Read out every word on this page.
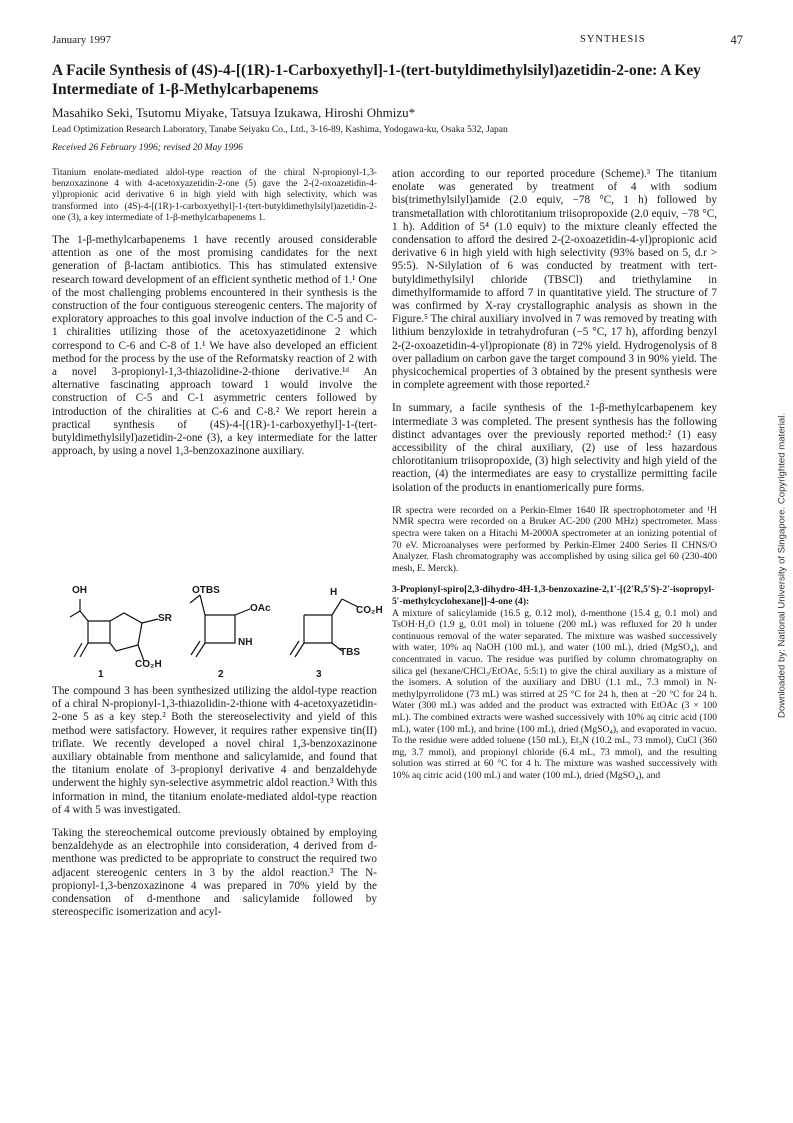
January 1997	SYNTHESIS	47
A Facile Synthesis of (4S)-4-[(1R)-1-Carboxyethyl]-1-(tert-butyldimethylsilyl)azetidin-2-one: A Key Intermediate of 1-β-Methylcarbapenems
Masahiko Seki, Tsutomu Miyake, Tatsuya Izukawa, Hiroshi Ohmizu*
Lead Optimization Research Laboratory, Tanabe Seiyaku Co., Ltd., 3-16-89, Kashima, Yodogawa-ku, Osaka 532, Japan
Received 26 February 1996; revised 20 May 1996

Titanium enolate-mediated aldol-type reaction of the chiral N-propionyl-1,3-benzoxazinone 4 with 4-acetoxyazetidin-2-one (5) gave the 2-(2-oxoazetidin-4-yl)propionic acid derivative 6 in high yield with high selectivity, which was transformed into (4S)-4-[(1R)-1-carboxyethyl]-1-(tert-butyldimethylsilyl)azetidin-2-one (3), a key intermediate of 1-β-methylcarbapenems 1.

The 1-β-methylcarbapenems 1 have recently aroused considerable attention as one of the most promising candidates for the next generation of β-lactam antibiotics. This has stimulated extensive research toward development of an efficient synthetic method of 1.¹ One of the most challenging problems encountered in their synthesis is the construction of the four contiguous stereogenic centers. The majority of exploratory approaches to this goal involve induction of the C-5 and C-1 chiralities utilizing those of the acetoxyazetidinone 2 which correspond to C-6 and C-8 of 1.¹ We have also developed an efficient method for the process by the use of the Reformatsky reaction of 2 with a novel 3-propionyl-1,3-thiazolidine-2-thione derivative.¹ᵈ An alternative fascinating approach toward 1 would involve the construction of C-5 and C-1 asymmetric centers followed by introduction of the chiralities at C-6 and C-8.² We report herein a practical synthesis of (4S)-4-[(1R)-1-carboxyethyl]-1-(tert-butyldimethylsilyl)azetidin-2-one (3), a key intermediate for the latter approach, by using a novel 1,3-benzoxazinone auxiliary.

OH
SR
CO₂H
1
OTBS
OAc
NH
2
H
CO₂H
TBS
3

The compound 3 has been synthesized utilizing the aldol-type reaction of a chiral N-propionyl-1,3-thiazolidin-2-thione with 4-acetoxyazetidin-2-one 5 as a key step.² Both the stereoselectivity and yield of this method were satisfactory. However, it requires rather expensive tin(II) triflate. We recently developed a novel chiral 1,3-benzoxazinone auxiliary obtainable from menthone and salicylamide, and found that the titanium enolate of 3-propionyl derivative 4 and benzaldehyde underwent the highly syn-selective asymmetric aldol reaction.³ With this information in mind, the titanium enolate-mediated aldol-type reaction of 4 with 5 was investigated.

Taking the stereochemical outcome previously obtained by employing benzaldehyde as an electrophile into consideration, 4 derived from d-menthone was predicted to be appropriate to construct the required two adjacent stereogenic centers in 3 by the aldol reaction.³ The N-propionyl-1,3-benzoxazinone 4 was prepared in 70% yield by the condensation of d-menthone and salicylamide followed by stereospecific isomerization and acyl-

ation according to our reported procedure (Scheme).³ The titanium enolate was generated by treatment of 4 with sodium bis(trimethylsilyl)amide (2.0 equiv, −78 °C, 1 h) followed by transmetallation with chlorotitanium triisopropoxide (2.0 equiv, −78 °C, 1 h). Addition of 5⁴ (1.0 equiv) to the mixture cleanly effected the condensation to afford the desired 2-(2-oxoazetidin-4-yl)propionic acid derivative 6 in high yield with high selectivity (93% based on 5, d.r > 95:5). N-Silylation of 6 was conducted by treatment with tert-butyldimethylsilyl chloride (TBSCl) and triethylamine in dimethylformamide to afford 7 in quantitative yield. The structure of 7 was confirmed by X-ray crystallographic analysis as shown in the Figure.⁵ The chiral auxiliary involved in 7 was removed by treating with lithium benzyloxide in tetrahydrofuran (−5 °C, 17 h), affording benzyl 2-(2-oxoazetidin-4-yl)propionate (8) in 72% yield. Hydrogenolysis of 8 over palladium on carbon gave the target compound 3 in 90% yield. The physicochemical properties of 3 obtained by the present synthesis were in complete agreement with those reported.²

In summary, a facile synthesis of the 1-β-methylcarbapenem key intermediate 3 was completed. The present synthesis has the following distinct advantages over the previously reported method:² (1) easy accessibility of the chiral auxiliary, (2) use of less hazardous chlorotitanium triisopropoxide, (3) high selectivity and high yield of the reaction, (4) the intermediates are easy to crystallize permitting facile isolation of the products in enantiomerically pure forms.

IR spectra were recorded on a Perkin-Elmer 1640 IR spectrophotometer and ¹H NMR spectra were recorded on a Bruker AC-200 (200 MHz) spectrometer. Mass spectra were taken on a Hitachi M-2000A spectrometer at an ionizing potential of 70 eV. Microanalyses were performed by Perkin-Elmer 2400 Series II CHNS/O Analyzer. Flash chromatography was accomplished by using silica gel 60 (230-400 mesh, E. Merck).

3-Propionyl-spiro[2,3-dihydro-4H-1,3-benzoxazine-2,1′-[(2′R,5′S)-2′-isopropyl-5′-methylcyclohexane]]-4-one (4):

A mixture of salicylamide (16.5 g, 0.12 mol), d-menthone (15.4 g, 0.1 mol) and TsOH·H₂O (1.9 g, 0.01 mol) in toluene (200 mL) was refluxed for 20 h under continuous removal of the water separated. The mixture was washed successively with water, 10% aq NaOH (100 mL), and water (100 mL), dried (MgSO₄), and concentrated in vacuo. The residue was purified by column chromatography on silica gel (hexane/CHCl₃/EtOAc, 5:5:1) to give the chiral auxiliary as a mixture of the isomers. A solution of the auxiliary and DBU (1.1 mL, 7.3 mmol) in N-methylpyrrolidone (73 mL) was stirred at 25 °C for 24 h, then at −20 °C for 24 h. Water (300 mL) was added and the product was extracted with EtOAc (3 × 100 mL). The combined extracts were washed successively with 10% aq citric acid (100 mL), water (100 mL), and brine (100 mL), dried (MgSO₄), and evaporated in vacuo. To the residue were added toluene (150 mL), Et₃N (10.2 mL, 73 mmol), CuCl (360 mg, 3.7 mmol), and propionyl chloride (6.4 mL, 73 mmol), and the resulting solution was stirred at 60 °C for 4 h. The mixture was washed successively with 10% aq citric acid (100 mL) and water (100 mL), dried (MgSO₄), and

Downloaded by: National University of Singapore. Copyrighted material.
